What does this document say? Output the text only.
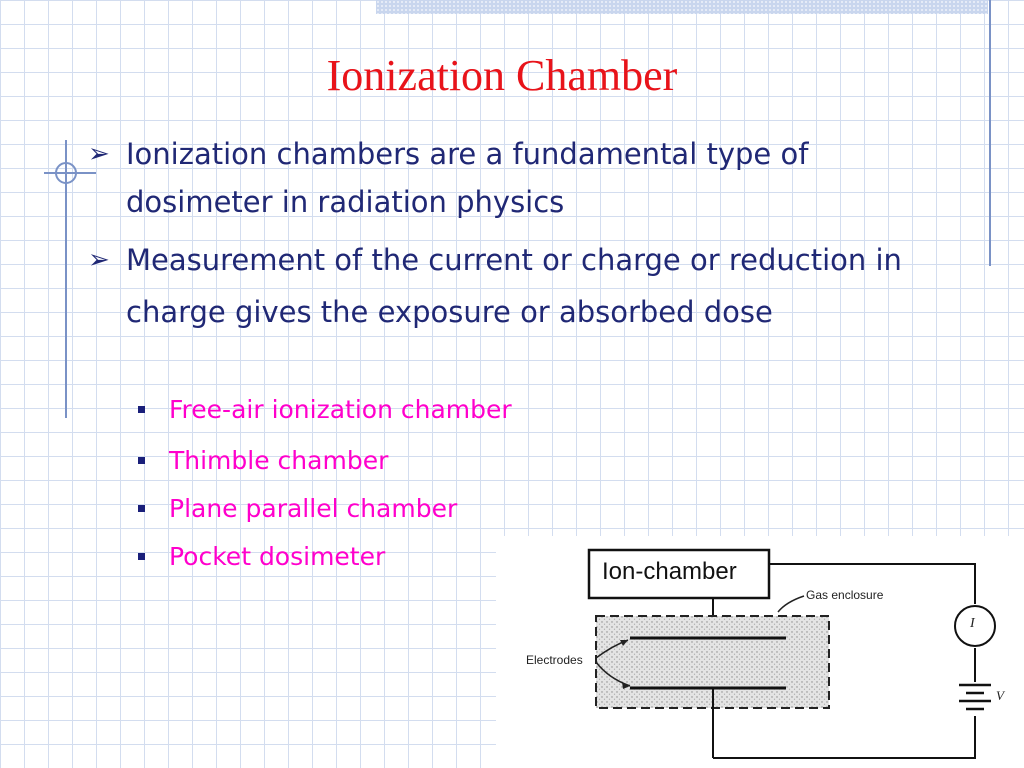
Ionization Chamber
➢ Ionization chambers are a fundamental type of dosimeter in radiation physics
➢ Measurement of the current or charge or reduction in charge gives the exposure or absorbed dose
Free-air ionization chamber
Thimble chamber
Plane parallel chamber
Pocket dosimeter
Ion-chamber
Gas enclosure
Electrodes
I
V
